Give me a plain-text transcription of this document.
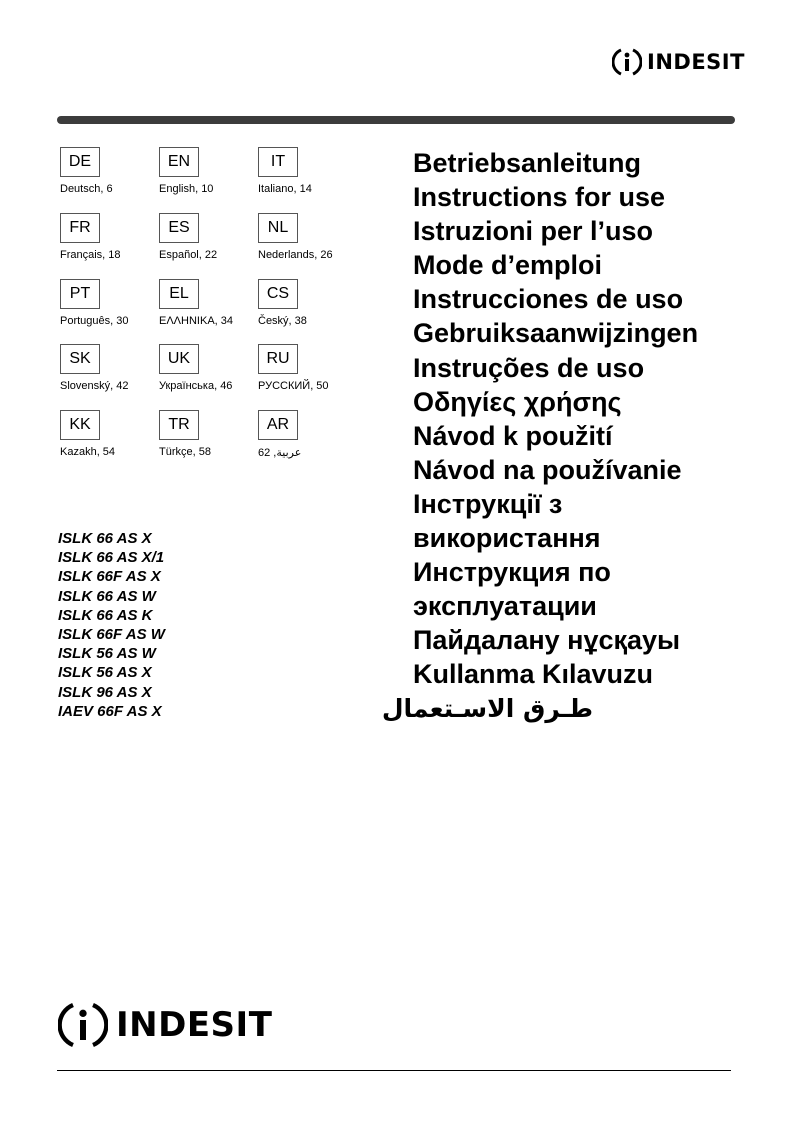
INDESIT
DE
Deutsch, 6
EN
English, 10
IT
Italiano, 14
FR
Français, 18
ES
Español, 22
NL
Nederlands, 26
PT
Português, 30
EL
ΕΛΛΗΝΙΚΑ, 34
CS
Český, 38
SK
Slovenský, 42
UK
Українська, 46
RU
РУССКИЙ, 50
KK
Kazakh, 54
TR
Türkçe, 58
AR
عربية, 62
ISLK 66 AS X
ISLK 66 AS X/1
ISLK 66F AS X
ISLK 66 AS W
ISLK 66 AS K
ISLK 66F AS W
ISLK 56 AS W
ISLK 56 AS X
ISLK 96 AS X
IAEV 66F AS X
Betriebsanleitung
Instructions for use
Istruzioni per l’uso
Mode d’emploi
Instrucciones de uso
Gebruiksaanwijzingen
Instruções de uso
Οδηγίες χρήσης
Návod k použití
Návod na používanie
Інструкції з
використання
Инструкция по
эксплуатации
Пайдалану нұсқауы
Kullanma Kılavuzu
طـرق الاسـتعمال
INDESIT
